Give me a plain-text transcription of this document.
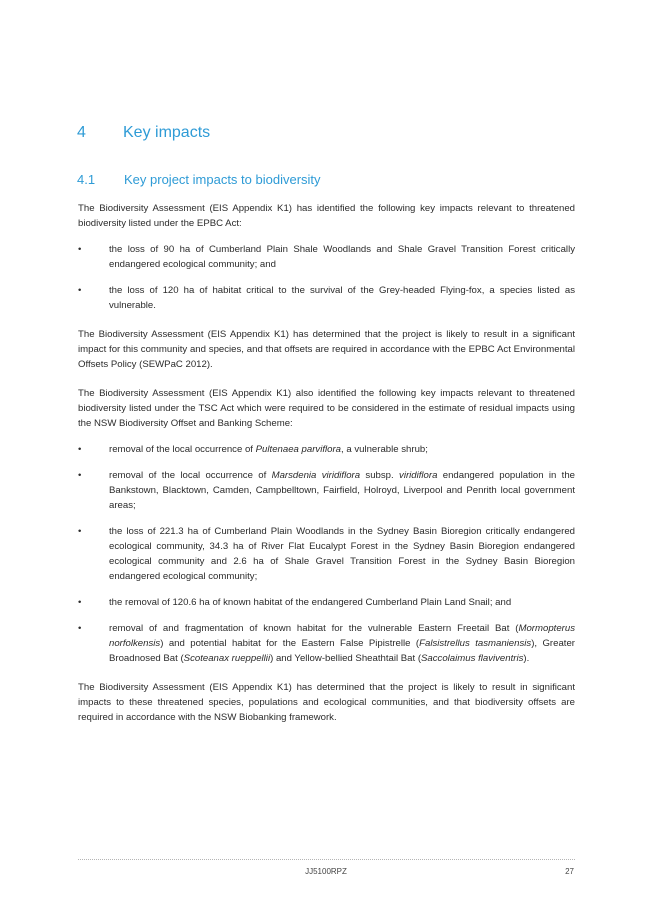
4 Key impacts
4.1 Key project impacts to biodiversity

The Biodiversity Assessment (EIS Appendix K1) has identified the following key impacts relevant to threatened biodiversity listed under the EPBC Act:

•	the loss of 90 ha of Cumberland Plain Shale Woodlands and Shale Gravel Transition Forest critically endangered ecological community; and
•	the loss of 120 ha of habitat critical to the survival of the Grey-headed Flying-fox, a species listed as vulnerable.

The Biodiversity Assessment (EIS Appendix K1) has determined that the project is likely to result in a significant impact for this community and species, and that offsets are required in accordance with the EPBC Act Environmental Offsets Policy (SEWPaC 2012).

The Biodiversity Assessment (EIS Appendix K1) also identified the following key impacts relevant to threatened biodiversity listed under the TSC Act which were required to be considered in the estimate of residual impacts using the NSW Biodiversity Offset and Banking Scheme:

•	removal of the local occurrence of Pultenaea parviflora, a vulnerable shrub;
•	removal of the local occurrence of Marsdenia viridiflora subsp. viridiflora endangered population in the Bankstown, Blacktown, Camden, Campbelltown, Fairfield, Holroyd, Liverpool and Penrith local government areas;
•	the loss of 221.3 ha of Cumberland Plain Woodlands in the Sydney Basin Bioregion critically endangered ecological community, 34.3 ha of River Flat Eucalypt Forest in the Sydney Basin Bioregion endangered ecological community and 2.6 ha of Shale Gravel Transition Forest in the Sydney Basin Bioregion endangered ecological community;
•	the removal of 120.6 ha of known habitat of the endangered Cumberland Plain Land Snail; and
•	removal of and fragmentation of known habitat for the vulnerable Eastern Freetail Bat (Mormopterus norfolkensis) and potential habitat for the Eastern False Pipistrelle (Falsistrellus tasmaniensis), Greater Broadnosed Bat (Scoteanax rueppellii) and Yellow-bellied Sheathtail Bat (Saccolaimus flaviventris).

The Biodiversity Assessment (EIS Appendix K1) has determined that the project is likely to result in significant impacts to these threatened species, populations and ecological communities, and that biodiversity offsets are required in accordance with the NSW Biobanking framework.

JJ5100RPZ	27
